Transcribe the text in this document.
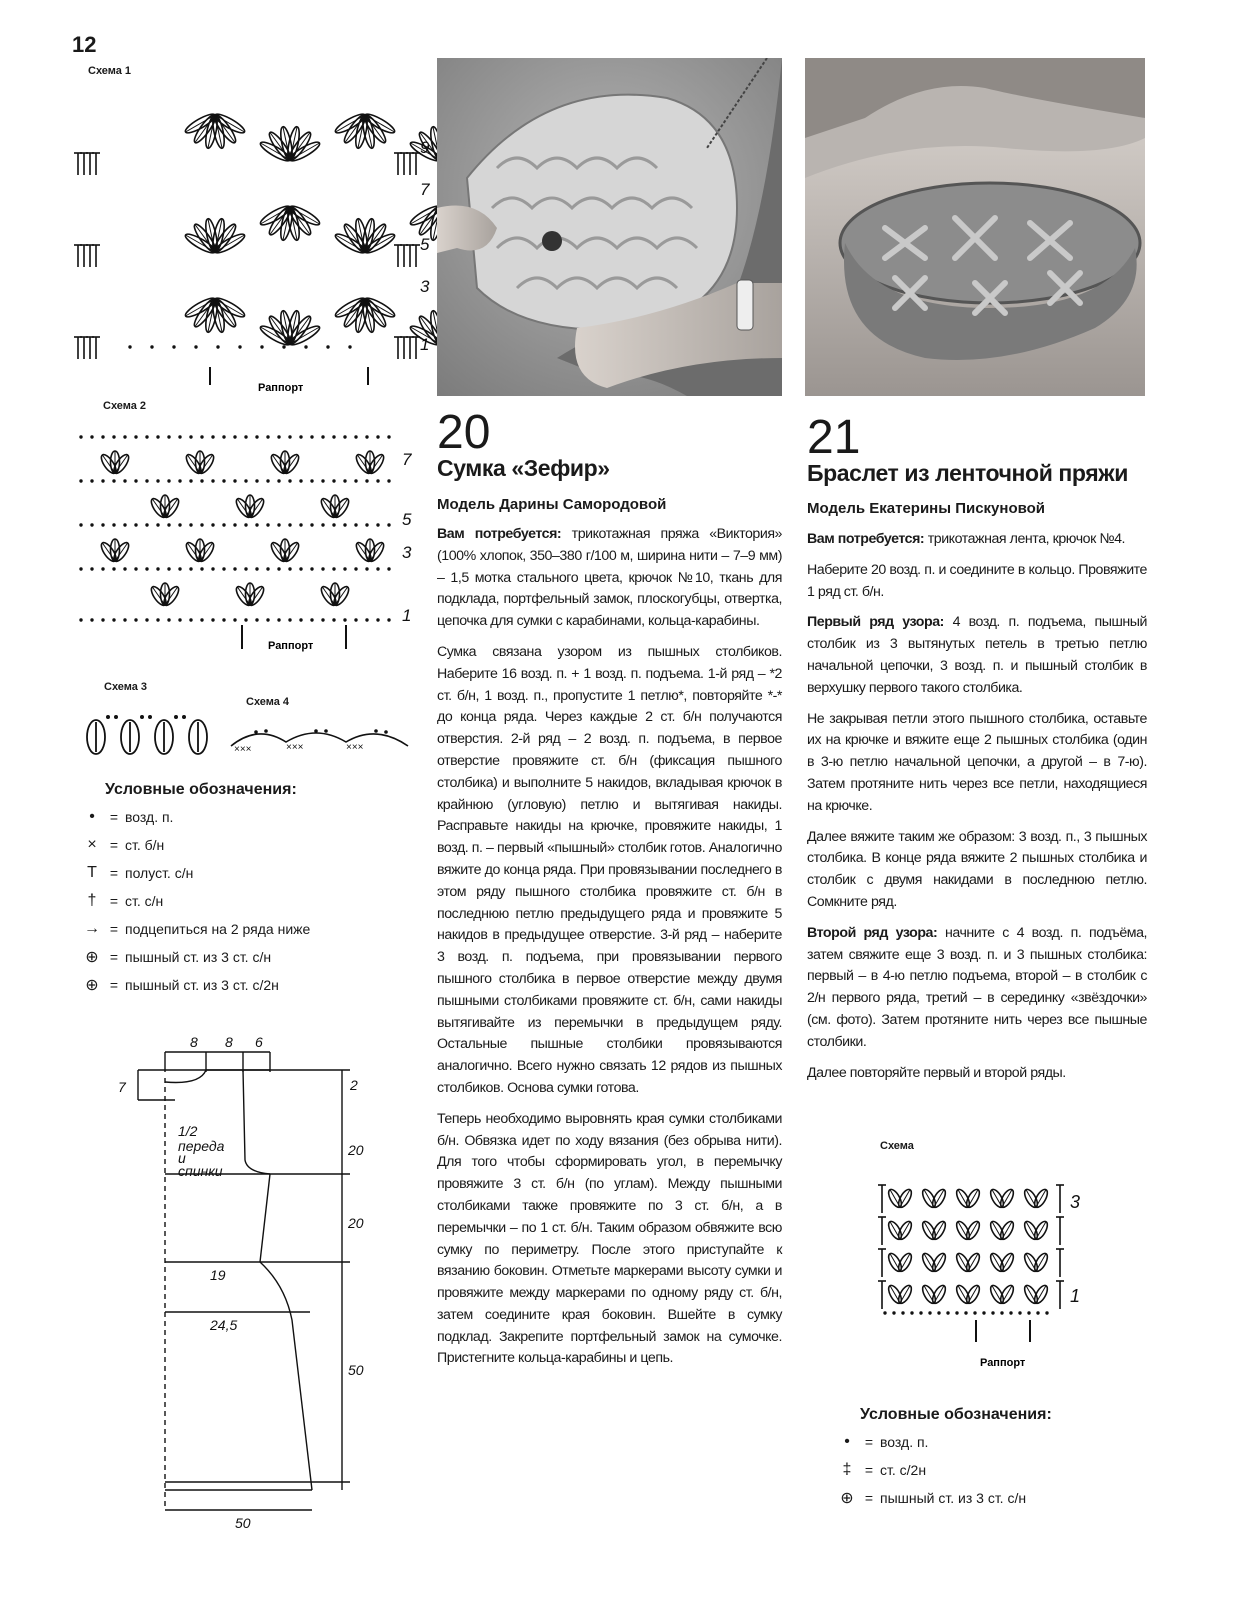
12
Схема 1
9
7
5
3
1
Раппорт
Схема 2
7
5
3
1
Раппорт
Схема 3
Схема 4
×××	×××	×××
Условные обозначения:
•	= возд. п.
× = ст. б/н
T = полуст. с/н
† = ст. с/н
→ = подцепиться на 2 ряда ниже
⊕ = пышный ст. из 3 ст. с/н
⊕ = пышный ст. из 3 ст. с/2н
8 8 6
7	2
20
20
50
1/2
переда
и
спинки
19
24,5
50
20
Сумка «Зефир»
Модель Дарины Самородовой

Вам потребуется: трикотажная пряжа «Виктория» (100% хлопок, 350–380 г/100 м, ширина нити – 7–9 мм) – 1,5 мотка стального цвета, крючок №10, ткань для подклада, портфельный замок, плоскогубцы, отвертка, цепочка для сумки с карабинами, кольца-карабины.

Сумка связана узором из пышных столбиков. Наберите 16 возд. п. + 1 возд. п. подъема. 1-й ряд – *2 ст. б/н, 1 возд. п., пропустите 1 петлю*, повторяйте *-* до конца ряда. Через каждые 2 ст. б/н получаются отверстия. 2-й ряд – 2 возд. п. подъема, в первое отверстие провяжите ст. б/н (фиксация пышного столбика) и выполните 5 накидов, вкладывая крючок в крайнюю (угловую) петлю и вытягивая накиды. Расправьте накиды на крючке, провяжите накиды, 1 возд. п. – первый «пышный» столбик готов. Аналогично вяжите до конца ряда. При провязывании последнего в этом ряду пышного столбика провяжите ст. б/н в последнюю петлю предыдущего ряда и провяжите 5 накидов в предыдущее отверстие. 3-й ряд – наберите 3 возд. п. подъема, при провязывании первого пышного столбика в первое отверстие между двумя пышными столбиками провяжите ст. б/н, сами накиды вытягивайте из перемычки в предыдущем ряду. Остальные пышные столбики провязываются аналогично. Всего нужно связать 12 рядов из пышных столбиков. Основа сумки готова.

Теперь необходимо выровнять края сумки столбиками б/н. Обвязка идет по ходу вязания (без обрыва нити). Для того чтобы сформировать угол, в перемычку провяжите 3 ст. б/н (по углам). Между пышными столбиками также провяжите по 3 ст. б/н, а в перемычки – по 1 ст. б/н. Таким образом обвяжите всю сумку по периметру. После этого приступайте к вязанию боковин. Отметьте маркерами высоту сумки и провяжите между маркерами по одному ряду ст. б/н, затем соедините края боковин. Вшейте в сумку подклад. Закрепите портфельный замок на сумочке. Пристегните кольца-карабины и цепь.

21
Браслет из ленточной пряжи
Модель Екатерины Пискуновой

Вам потребуется: трикотажная лента, крючок №4.

Наберите 20 возд. п. и соедините в кольцо. Провяжите 1 ряд ст. б/н.

Первый ряд узора: 4 возд. п. подъема, пышный столбик из 3 вытянутых петель в третью петлю начальной цепочки, 3 возд. п. и пышный столбик в верхушку первого такого столбика.

Не закрывая петли этого пышного столбика, оставьте их на крючке и вяжите еще 2 пышных столбика (один в 3-ю петлю начальной цепочки, а другой – в 7-ю). Затем протяните нить через все петли, находящиеся на крючке.

Далее вяжите таким же образом: 3 возд. п., 3 пышных столбика. В конце ряда вяжите 2 пышных столбика и столбик с двумя накидами в последнюю петлю. Сомкните ряд.

Второй ряд узора: начните с 4 возд. п. подъёма, затем свяжите еще 3 возд. п. и 3 пышных столбика: первый – в 4-ю петлю подъема, второй – в столбик с 2/н первого ряда, третий – в серединку «звёздочки» (см. фото). Затем протяните нить через все пышные столбики.

Далее повторяйте первый и второй ряды.

Схема
3
1
Раппорт
Условные обозначения:
•	= возд. п.
‡ = ст. с/2н
⊕ = пышный ст. из 3 ст. с/н
